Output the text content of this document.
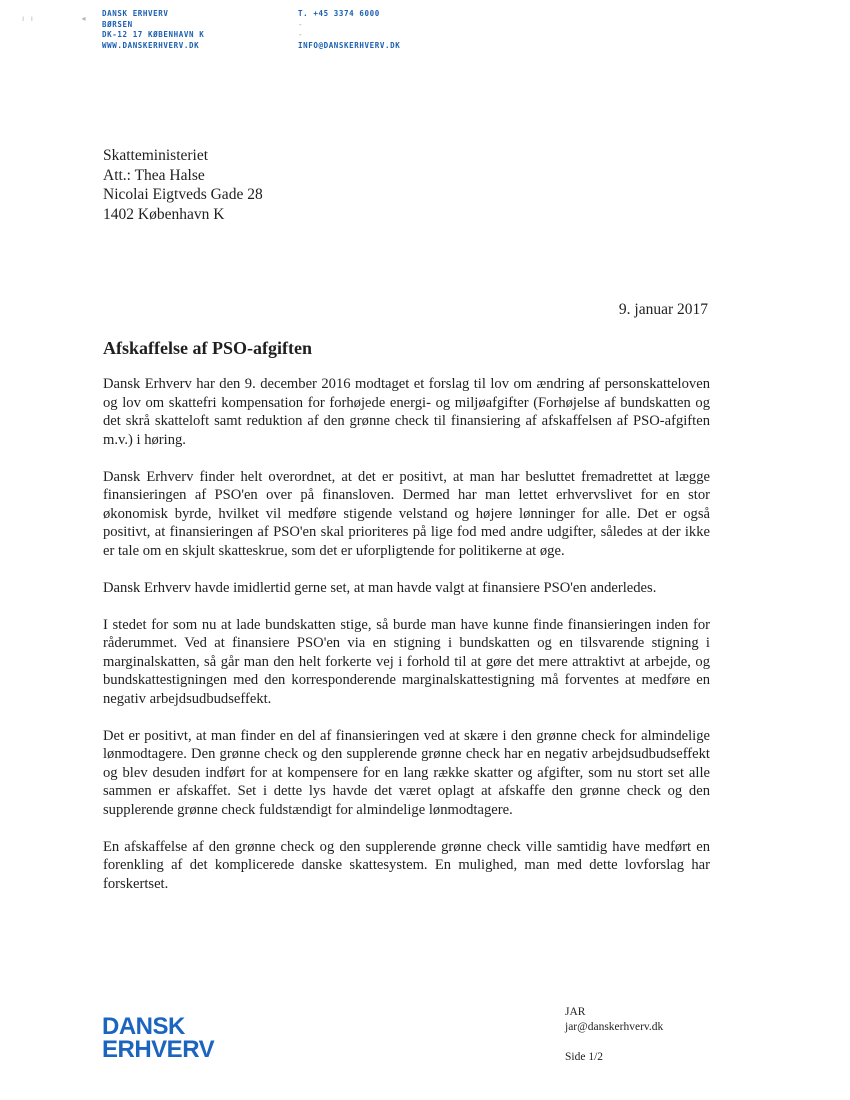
ı ı	◂
DANSK ERHVERV
BØRSEN
DK-12 17 KØBENHAVN K
WWW.DANSKERHVERV.DK
T. +45 3374 6000
-
-
INFO@DANSKERHVERV.DK
Skatteministeriet
Att.: Thea Halse
Nicolai Eigtveds Gade 28
1402 København K
9. januar 2017
Afskaffelse af PSO-afgiften

Dansk Erhverv har den 9. december 2016 modtaget et forslag til lov om ændring af personskatteloven og lov om skattefri kompensation for forhøjede energi- og miljøafgifter (Forhøjelse af bundskatten og det skrå skatteloft samt reduktion af den grønne check til finansiering af afskaffelsen af PSO-afgiften m.v.) i høring.

Dansk Erhverv finder helt overordnet, at det er positivt, at man har besluttet fremadrettet at lægge finansieringen af PSO'en over på finansloven. Dermed har man lettet erhvervslivet for en stor økonomisk byrde, hvilket vil medføre stigende velstand og højere lønninger for alle. Det er også positivt, at finansieringen af PSO'en skal prioriteres på lige fod med andre udgifter, således at der ikke er tale om en skjult skatteskrue, som det er uforpligtende for politikerne at øge.

Dansk Erhverv havde imidlertid gerne set, at man havde valgt at finansiere PSO'en anderledes.

I stedet for som nu at lade bundskatten stige, så burde man have kunne finde finansieringen inden for råderummet. Ved at finansiere PSO'en via en stigning i bundskatten og en tilsvarende stigning i marginalskatten, så går man den helt forkerte vej i forhold til at gøre det mere attraktivt at arbejde, og bundskattestigningen med den korresponderende marginalskattestigning må forventes at medføre en negativ arbejdsudbudseffekt.

Det er positivt, at man finder en del af finansieringen ved at skære i den grønne check for almindelige lønmodtagere. Den grønne check og den supplerende grønne check har en negativ arbejdsudbudseffekt og blev desuden indført for at kompensere for en lang række skatter og afgifter, som nu stort set alle sammen er afskaffet. Set i dette lys havde det været oplagt at afskaffe den grønne check og den supplerende grønne check fuldstændigt for almindelige lønmodtagere.

En afskaffelse af den grønne check og den supplerende grønne check ville samtidig have medført en forenkling af det komplicerede danske skattesystem. En mulighed, man med dette lovforslag har forskertset.

DANSK
ERHVERV
JAR
jar@danskerhverv.dk
Side 1/2
